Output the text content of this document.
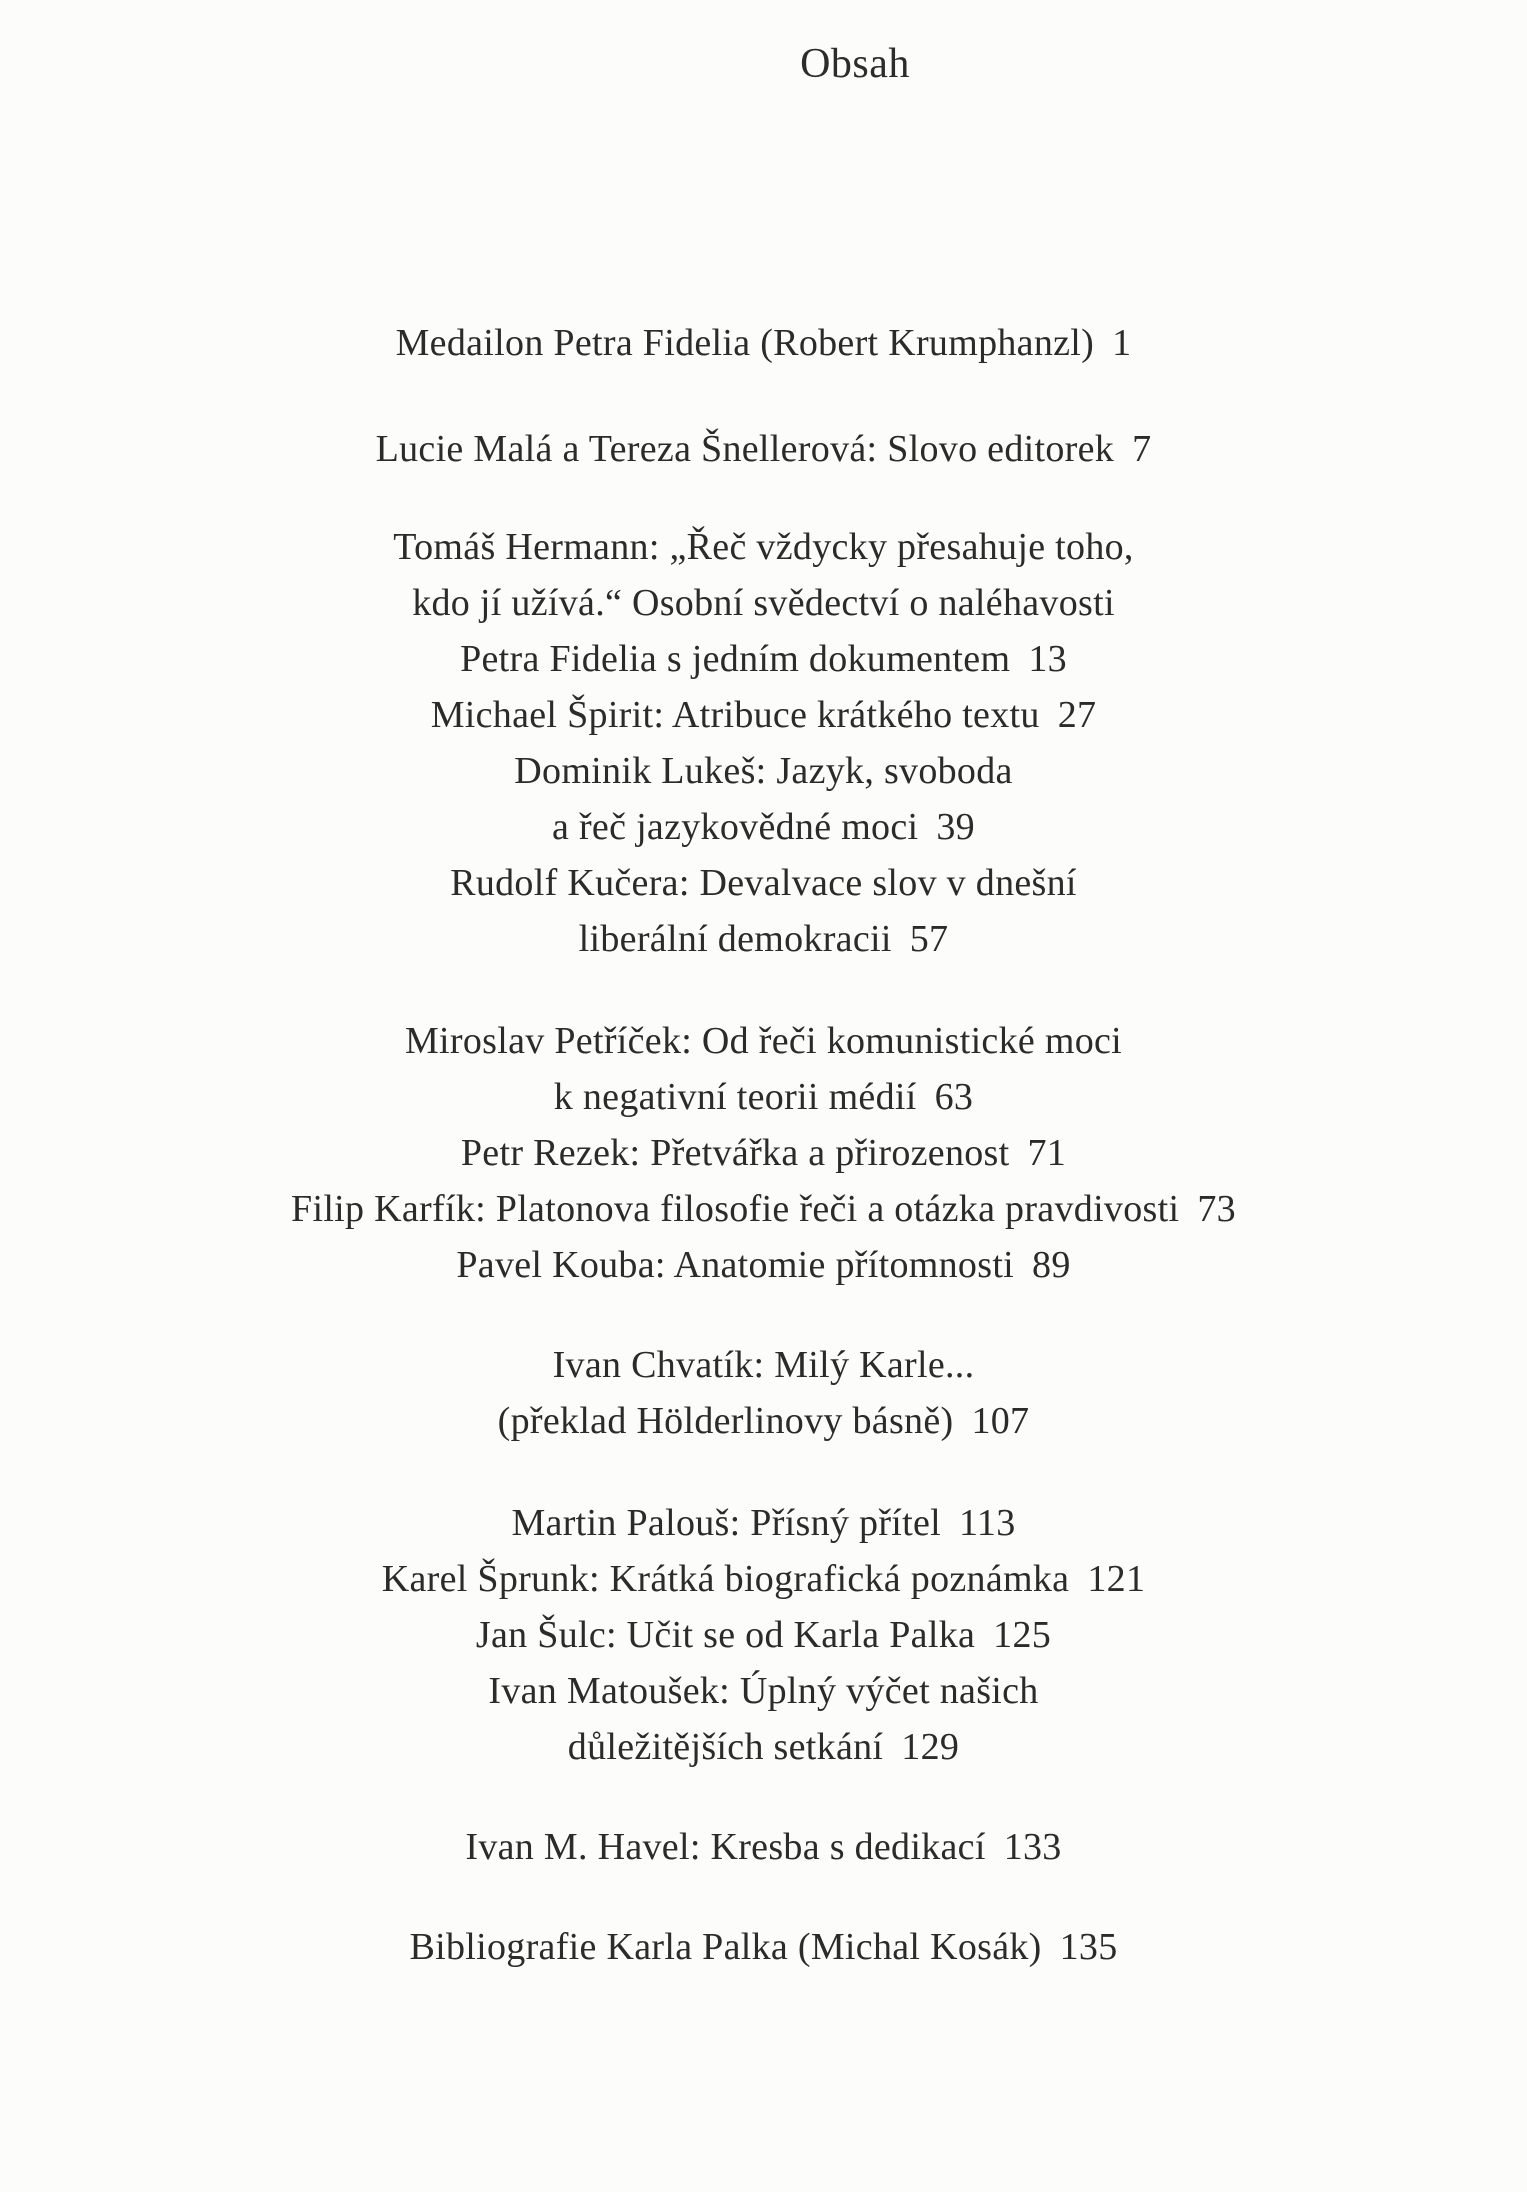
Obsah
Medailon Petra Fidelia (Robert Krumphanzl) 1
Lucie Malá a Tereza Šnellerová: Slovo editorek 7
Tomáš Hermann: „Řeč vždycky přesahuje toho,
kdo jí užívá.“ Osobní svědectví o naléhavosti
Petra Fidelia s jedním dokumentem 13
Michael Špirit: Atribuce krátkého textu 27
Dominik Lukeš: Jazyk, svoboda
a řeč jazykovědné moci 39
Rudolf Kučera: Devalvace slov v dnešní
liberální demokracii 57
Miroslav Petříček: Od řeči komunistické moci
k negativní teorii médií 63
Petr Rezek: Přetvářka a přirozenost 71
Filip Karfík: Platonova filosofie řeči a otázka pravdivosti 73
Pavel Kouba: Anatomie přítomnosti 89
Ivan Chvatík: Milý Karle...
(překlad Hölderlinovy básně) 107
Martin Palouš: Přísný přítel 113
Karel Šprunk: Krátká biografická poznámka 121
Jan Šulc: Učit se od Karla Palka 125
Ivan Matoušek: Úplný výčet našich
důležitějších setkání 129
Ivan M. Havel: Kresba s dedikací 133
Bibliografie Karla Palka (Michal Kosák) 135
